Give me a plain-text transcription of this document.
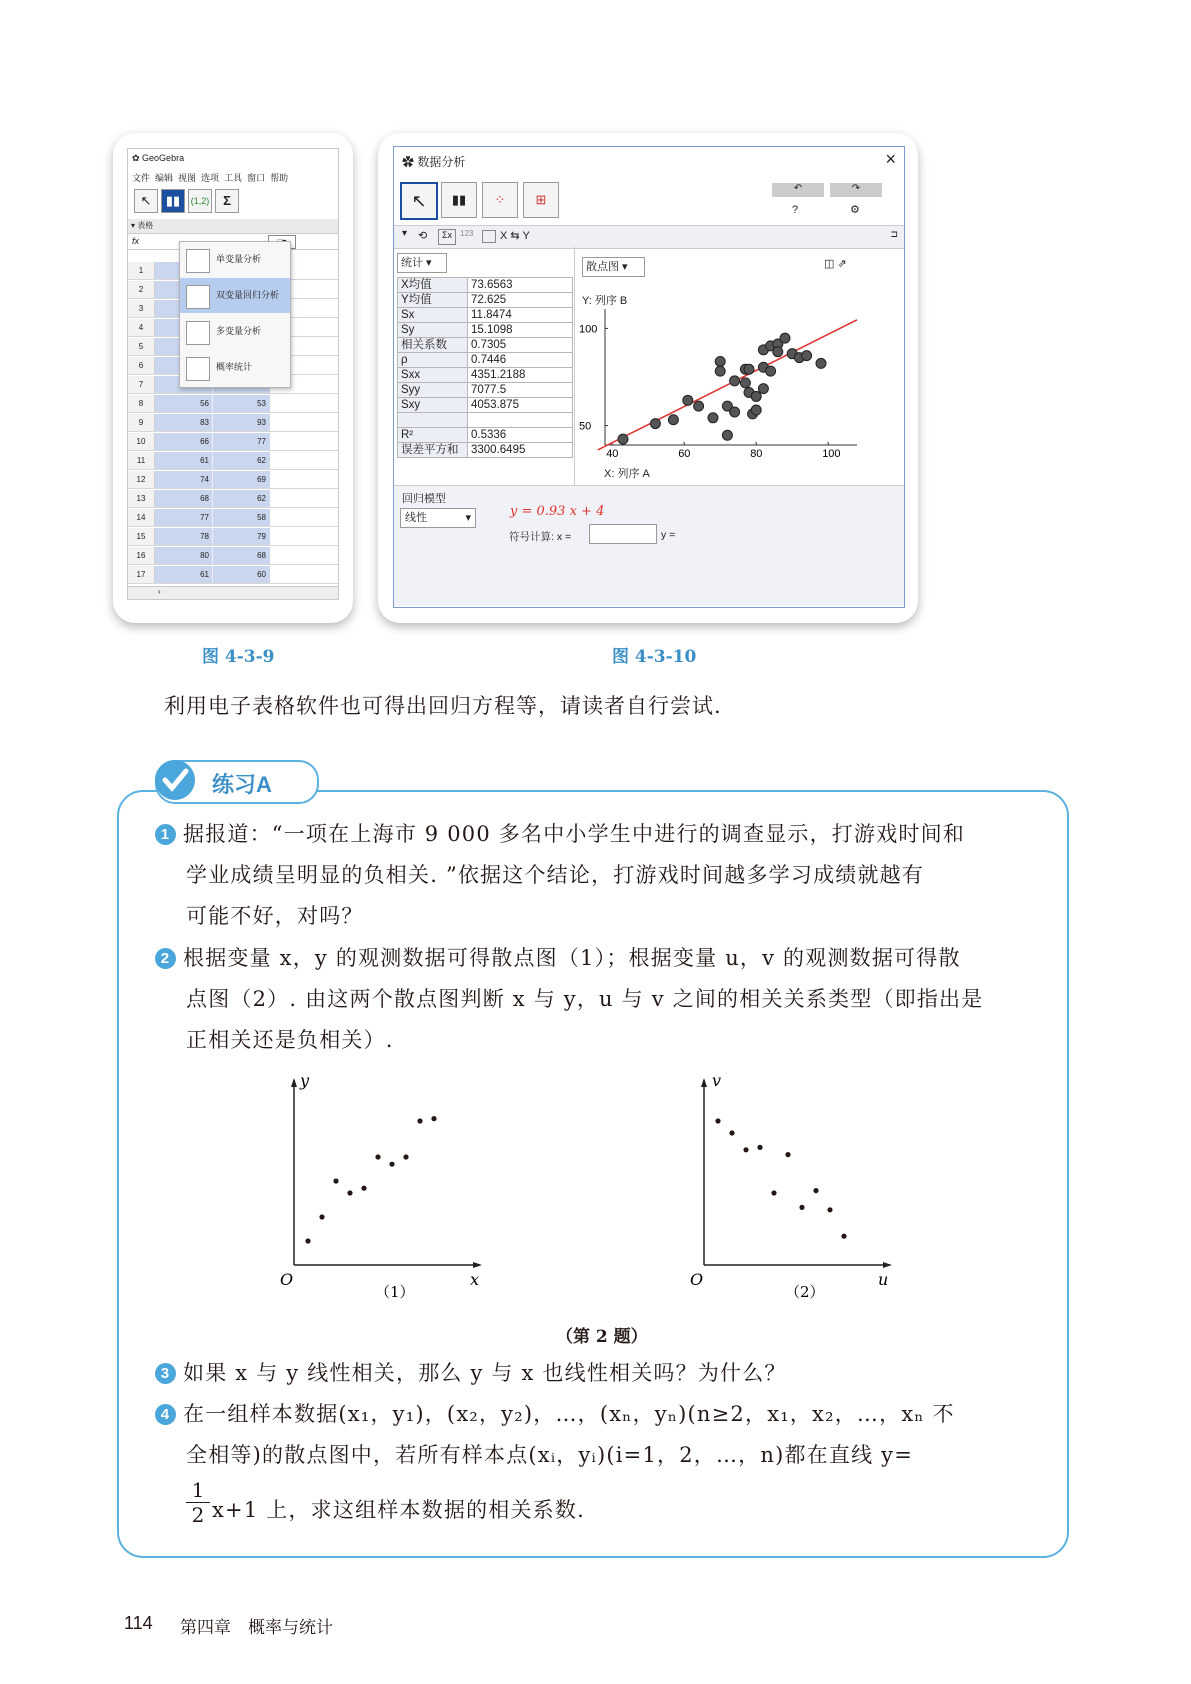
✿ GeoGebra
文件 编辑 视图 选项 工具 窗口 帮助
↖	▮▮	(1,2)	Σ
▾ 表格
fx
1
2
3
4
5
6
7
8	56	53
9	83	93
10	66	77
11	61	62
12	74	69
13	68	62
14	77	58
15	78	79
16	80	68
17	61	60
‹
单变量分析
双变量回归分析
多变量分析
概率统计
✿ 数据分析	×
↖	▮▮	⁘	⊞
↶	↷
?	⚙
▾ ⟲	Σx 123 X ⇆ Y	⊐
统计 ▾
X均值	73.6563
Y均值	72.625
Sx	11.8474
Sy	15.1098
相关系数	0.7305
ρ	0.7446
Sxx	4351.2188
Syy	7077.5
Sxy	4053.875

R²	0.5336
误差平方和	3300.6495
散点图 ▾	◫ ⇗
Y: 列序 B
X: 列序 A
40	60	80	100
50
100
回归模型
线性	▾	y = 0.93 x + 4
符号计算: x =	y =
图 4-3-9	图 4-3-10
利用电子表格软件也可得出回归方程等，请读者自行尝试.
练习A
1 据报道：“一项在上海市 9 000 多名中小学生中进行的调查显示，打游戏时间和
学业成绩呈明显的负相关. ”依据这个结论，打游戏时间越多学习成绩就越有
可能不好，对吗？
2 根据变量 x，y 的观测数据可得散点图（1）；根据变量 u，v 的观测数据可得散
点图（2）. 由这两个散点图判断 x 与 y，u 与 v 之间的相关关系类型（即指出是
正相关还是负相关）.
y
x
O
（1）
v
u
O
（2）
（第 2 题）
3 如果 x 与 y 线性相关，那么 y 与 x 也线性相关吗？为什么？
4 在一组样本数据(x₁，y₁)，(x₂，y₂)，…，(xₙ，yₙ)(n≥2，x₁，x₂，…，xₙ 不
全相等)的散点图中，若所有样本点(xᵢ，yᵢ)(i=1，2，…，n)都在直线 y=
$\frac{1}{2} x+1$ 上，求这组样本数据的相关系数.
114 第四章　概率与统计
